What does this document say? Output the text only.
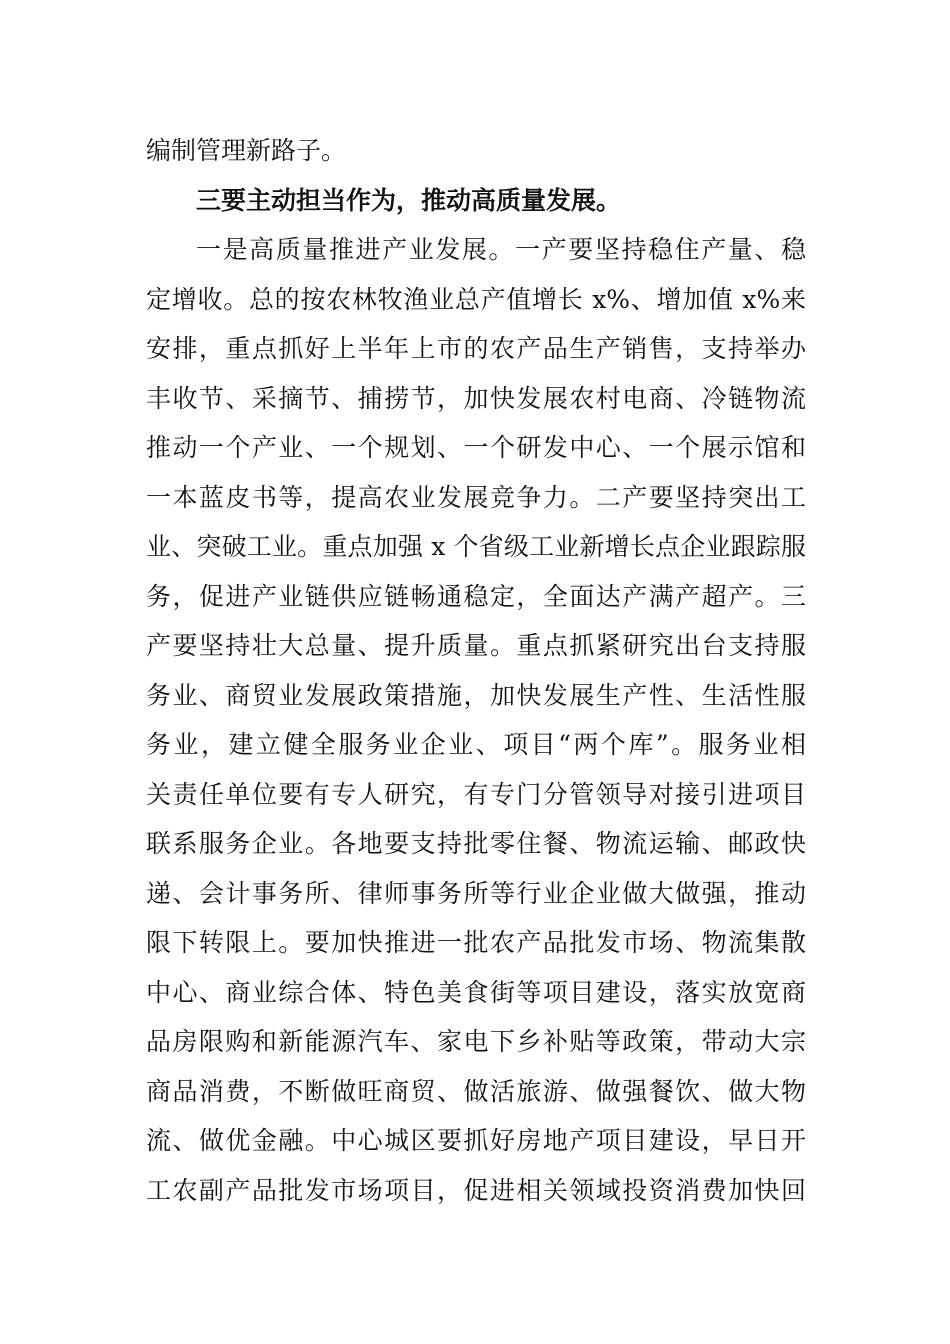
编制管理新路子。
三要主动担当作为，推动高质量发展。
一是高质量推进产业发展。一产要坚持稳住产量、稳
定增收。总的按农林牧渔业总产值增长 x%、增加值 x%来
安排，重点抓好上半年上市的农产品生产销售，支持举办
丰收节、采摘节、捕捞节，加快发展农村电商、冷链物流
推动一个产业、一个规划、一个研发中心、一个展示馆和
一本蓝皮书等，提高农业发展竞争力。二产要坚持突出工
业、突破工业。重点加强 x 个省级工业新增长点企业跟踪服
务，促进产业链供应链畅通稳定，全面达产满产超产。三
产要坚持壮大总量、提升质量。重点抓紧研究出台支持服
务业、商贸业发展政策措施，加快发展生产性、生活性服
务业，建立健全服务业企业、项目“两个库”。服务业相
关责任单位要有专人研究，有专门分管领导对接引进项目
联系服务企业。各地要支持批零住餐、物流运输、邮政快
递、会计事务所、律师事务所等行业企业做大做强，推动
限下转限上。要加快推进一批农产品批发市场、物流集散
中心、商业综合体、特色美食街等项目建设，落实放宽商
品房限购和新能源汽车、家电下乡补贴等政策，带动大宗
商品消费，不断做旺商贸、做活旅游、做强餐饮、做大物
流、做优金融。中心城区要抓好房地产项目建设，早日开
工农副产品批发市场项目，促进相关领域投资消费加快回
